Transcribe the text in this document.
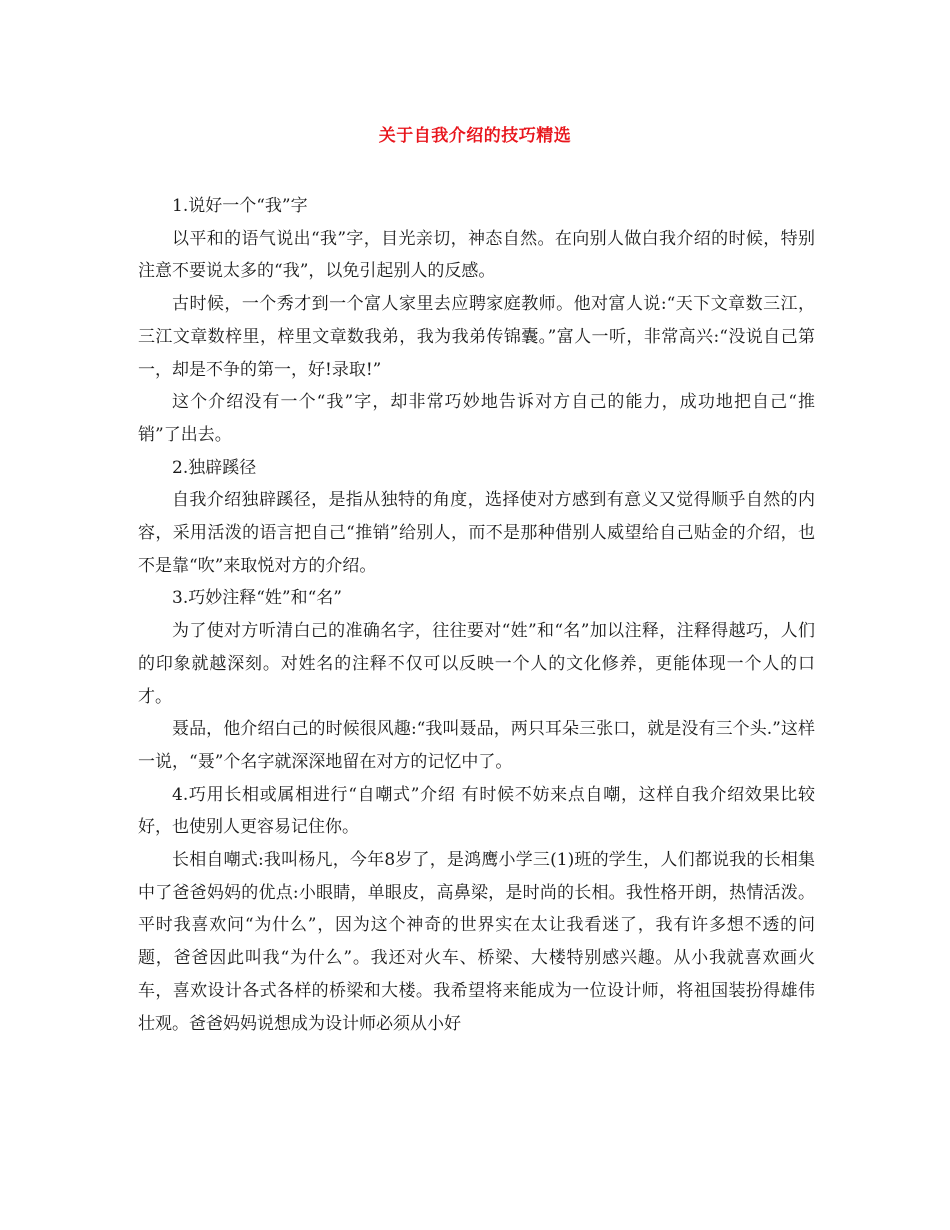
关于自我介绍的技巧精选

1.说好一个“我”字

以平和的语气说出“我”字，目光亲切，神态自然。在向别人做白我介绍的时候，特别注意不要说太多的“我”，以免引起别人的反感。

古时候，一个秀才到一个富人家里去应聘家庭教师。他对富人说:“天下文章数三江，三江文章数梓里，梓里文章数我弟，我为我弟传锦囊。”富人一听，非常高兴:“没说自己第一，却是不争的第一，好!录取!”

这个介绍没有一个“我”字，却非常巧妙地告诉对方自己的能力，成功地把自己“推销”了出去。

2.独辟蹊径

自我介绍独辟蹊径，是指从独特的角度，选择使对方感到有意义又觉得顺乎自然的内容，采用活泼的语言把自己“推销”给别人，而不是那种借别人威望给自己贴金的介绍，也不是靠“吹”来取悦对方的介绍。

3.巧妙注释“姓”和“名”

为了使对方听清白己的准确名字，往往要对“姓”和“名”加以注释，注释得越巧，人们的印象就越深刻。对姓名的注释不仅可以反映一个人的文化修养，更能体现一个人的口才。

聂品，他介绍白己的时候很风趣:“我叫聂品，两只耳朵三张口，就是没有三个头.”这样一说，“聂”个名字就深深地留在对方的记忆中了。

4.巧用长相或属相进行“自嘲式”介绍 有时候不妨来点自嘲，这样自我介绍效果比较好，也使别人更容易记住你。

长相自嘲式:我叫杨凡，今年8岁了，是鸿鹰小学三(1)班的学生，人们都说我的长相集中了爸爸妈妈的优点:小眼睛，单眼皮，高鼻梁，是时尚的长相。我性格开朗，热情活泼。平时我喜欢问“为什么”，因为这个神奇的世界实在太让我看迷了，我有许多想不透的问题，爸爸因此叫我“为什么”。我还对火车、桥梁、大楼特别感兴趣。从小我就喜欢画火车，喜欢设计各式各样的桥梁和大楼。我希望将来能成为一位设计师，将祖国装扮得雄伟壮观。爸爸妈妈说想成为设计师必须从小好
